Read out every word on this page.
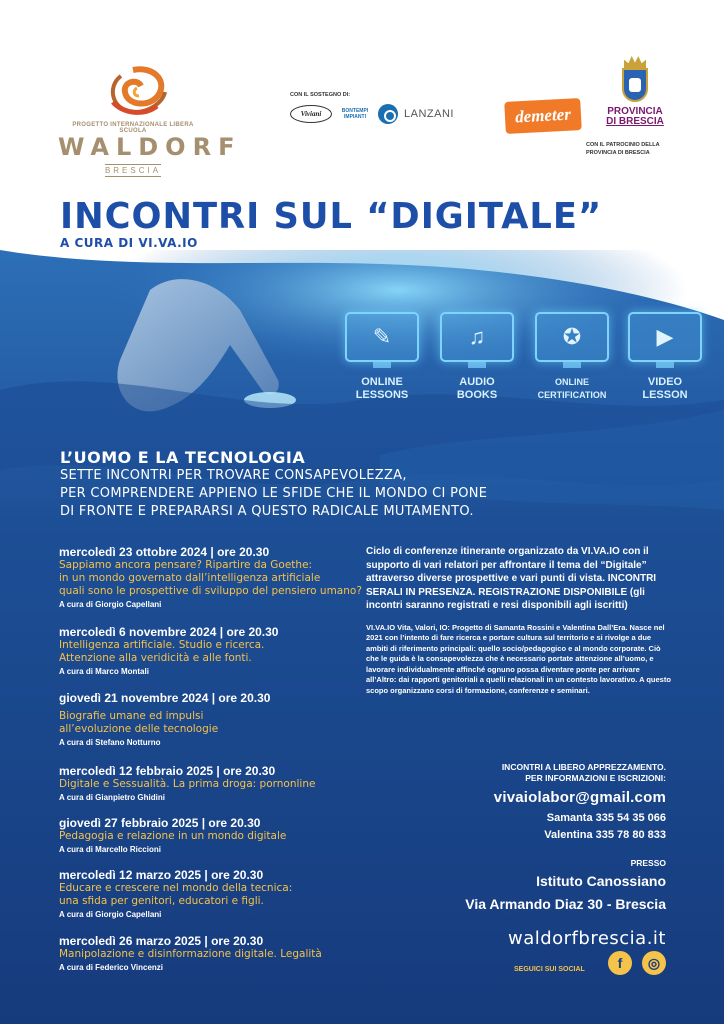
PROGETTO INTERNAZIONALE LIBERA SCUOLA
WALDORF
BRESCIA
CON IL SOSTEGNO DI:
Viviani	BONTEMPI IMPIANTI	LANZANI	demeter	PROVINCIA
DI BRESCIA
CON IL PATROCINIO DELLA PROVINCIA DI BRESCIA
INCONTRI SUL “DIGITALE”
A CURA DI VI.VA.IO
✎
ONLINE LESSONS
♫
AUDIO BOOKS
✪
ONLINE CERTIFICATION
▶
VIDEO LESSON
L’UOMO E LA TECNOLOGIA
SETTE INCONTRI PER TROVARE CONSAPEVOLEZZA,
PER COMPRENDERE APPIENO LE SFIDE CHE IL MONDO CI PONE
DI FRONTE E PREPARARSI A QUESTO RADICALE MUTAMENTO.
mercoledì 23 ottobre 2024 | ore 20.30
Sappiamo ancora pensare? Ripartire da Goethe:
in un mondo governato dall’intelligenza artificiale
quali sono le prospettive di sviluppo del pensiero umano?
A cura di Giorgio Capellani
mercoledì 6 novembre 2024 | ore 20.30
Intelligenza artificiale. Studio e ricerca.
Attenzione alla veridicità e alle fonti.
A cura di Marco Montali
giovedì 21 novembre 2024 | ore 20.30
Biografie umane ed impulsi
all’evoluzione delle tecnologie
A cura di Stefano Notturno
mercoledì 12 febbraio 2025 | ore 20.30
Digitale e Sessualità. La prima droga: pornonline
A cura di Gianpietro Ghidini
giovedì 27 febbraio 2025 | ore 20.30
Pedagogia e relazione in un mondo digitale
A cura di Marcello Riccioni
mercoledì 12 marzo 2025 | ore 20.30
Educare e crescere nel mondo della tecnica:
una sfida per genitori, educatori e figli.
A cura di Giorgio Capellani
mercoledì 26 marzo 2025 | ore 20.30
Manipolazione e disinformazione digitale. Legalità
A cura di Federico Vincenzi
Ciclo di conferenze itinerante organizzato da VI.VA.IO con il supporto di vari relatori per affrontare il tema del “Digitale” attraverso diverse prospettive e vari punti di vista. INCONTRI SERALI IN PRESENZA. REGISTRAZIONE DISPONIBILE (gli incontri saranno registrati e resi disponibili agli iscritti)
VI.VA.IO Vita, Valori, IO: Progetto di Samanta Rossini e Valentina Dall’Era. Nasce nel 2021 con l’intento di fare ricerca e portare cultura sul territorio e si rivolge a due ambiti di riferimento principali: quello socio/pedagogico e al mondo corporate. Ciò che le guida è la consapevolezza che è necessario portate attenzione all’uomo, e lavorare individualmente affinché ognuno possa diventare ponte per arrivare all’Altro: dai rapporti genitoriali a quelli relazionali in un contesto lavorativo. A questo scopo organizzano corsi di formazione, conferenze e seminari.
INCONTRI A LIBERO APPREZZAMENTO.
PER INFORMAZIONI E ISCRIZIONI:
vivaiolabor@gmail.com
Samanta 335 54 35 066
Valentina 335 78 80 833
PRESSO
Istituto Canossiano
Via Armando Diaz 30 - Brescia
waldorfbrescia.it
SEGUICI SUI SOCIAL	f	◎
